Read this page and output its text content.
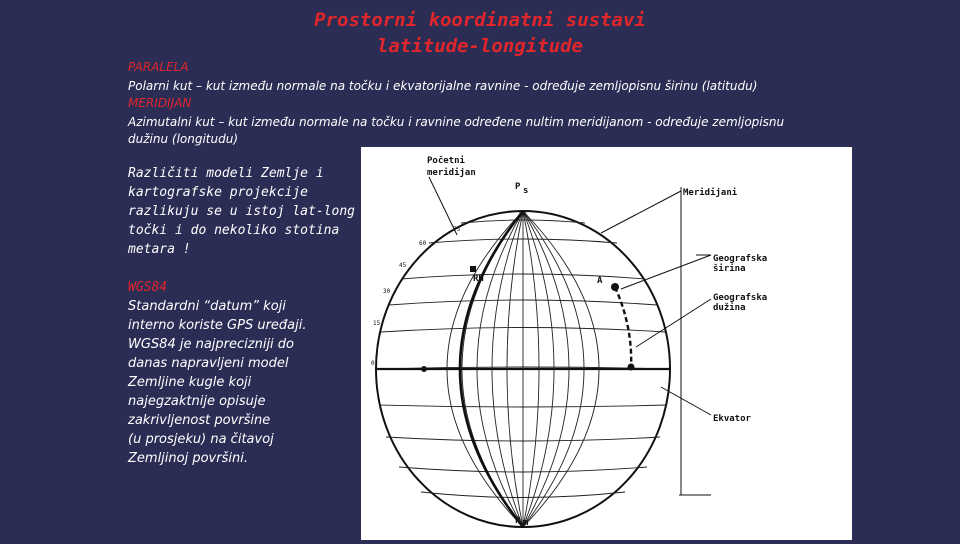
Prostorni koordinatni sustavi
latitude-longitude
PARALELA
Polarni kut – kut između normale na točku i ekvatorijalne ravnine - određuje zemljopisnu širinu (latitudu)
MERIDIJAN
Azimutalni kut – kut između normale na točku i ravnine određene nultim meridijanom - određuje zemljopisnu
dužinu (longitudu)
Različiti modeli Zemlje i
kartografske projekcije
razlikuju se u istoj lat-long
točki i do nekoliko stotina
metara !
WGS84
Standardni “datum” koji
interno koriste GPS uređaji.
WGS84 je najprecizniji do
danas napravljeni model
Zemljine kugle koji
najegzaktnije opisuje
zakrivljenost površine
(u prosjeku) na čitavoj
Zemljinoj površini.
Početni
meridijan
P s
P m
Meridijani
Geografska
širina
Geografska
dužina
Ekvator
RH	A
90
75
60
45
30
15
0
